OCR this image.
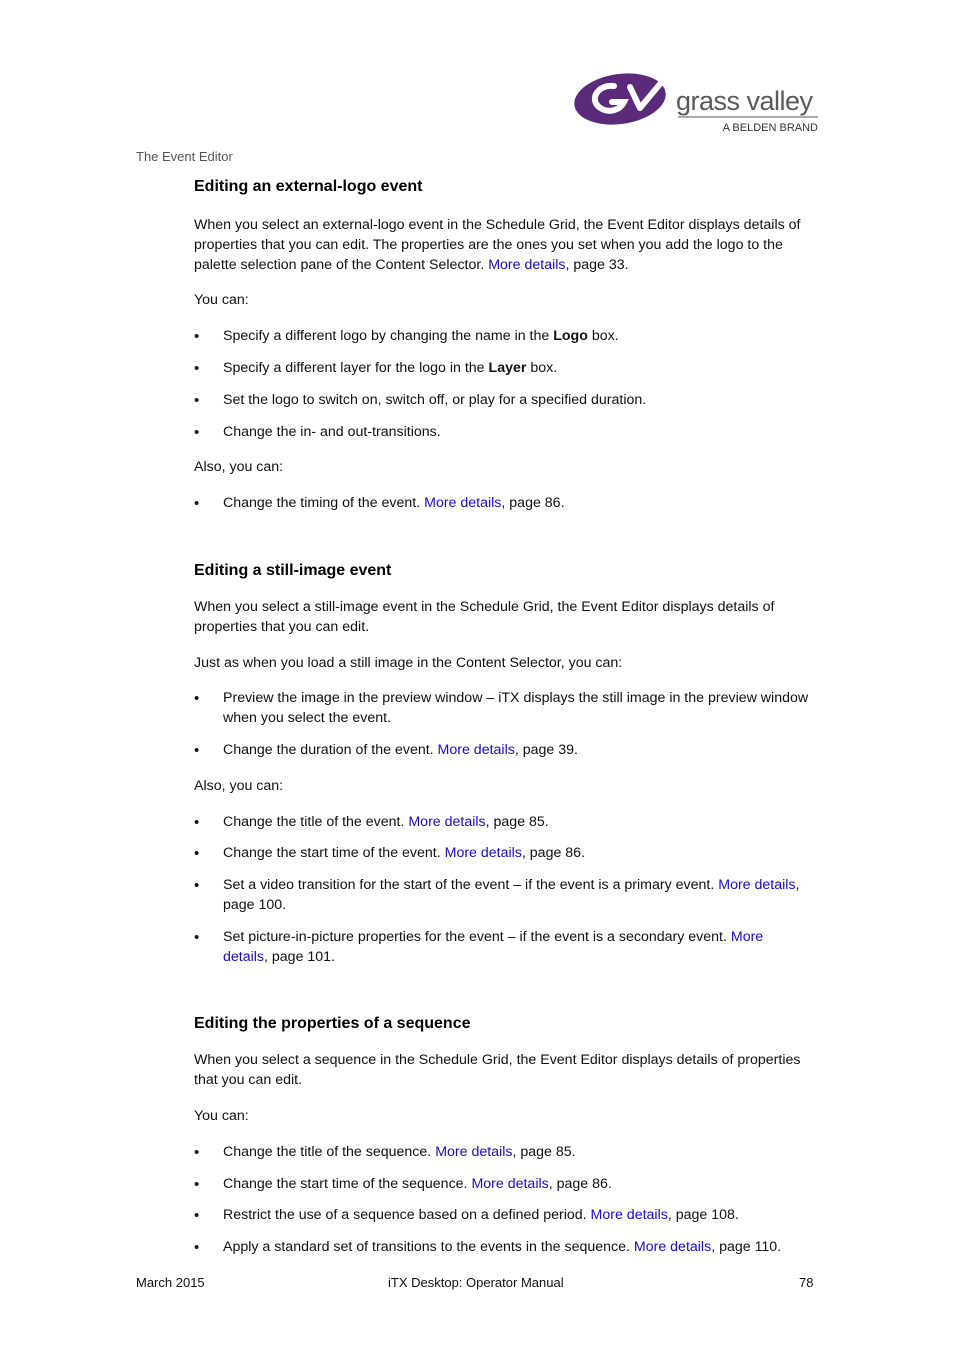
grass valley
A BELDEN BRAND
The Event Editor
Editing an external-logo event

When you select an external-logo event in the Schedule Grid, the Event Editor displays details of properties that you can edit. The properties are the ones you set when you add the logo to the palette selection pane of the Content Selector. More details, page 33.

You can:

• Specify a different logo by changing the name in the Logo box.
• Specify a different layer for the logo in the Layer box.
• Set the logo to switch on, switch off, or play for a specified duration.
• Change the in- and out-transitions.

Also, you can:

• Change the timing of the event. More details, page 86.
Editing a still-image event

When you select a still-image event in the Schedule Grid, the Event Editor displays details of properties that you can edit.

Just as when you load a still image in the Content Selector, you can:

• Preview the image in the preview window – iTX displays the still image in the preview window when you select the event.
• Change the duration of the event. More details, page 39.

Also, you can:

• Change the title of the event. More details, page 85.
• Change the start time of the event. More details, page 86.
• Set a video transition for the start of the event – if the event is a primary event. More details, page 100.
• Set picture-in-picture properties for the event – if the event is a secondary event. More details, page 101.
Editing the properties of a sequence

When you select a sequence in the Schedule Grid, the Event Editor displays details of properties that you can edit.

You can:

• Change the title of the sequence. More details, page 85.
• Change the start time of the sequence. More details, page 86.
• Restrict the use of a sequence based on a defined period. More details, page 108.
• Apply a standard set of transitions to the events in the sequence. More details, page 110.
March 2015	iTX Desktop: Operator Manual	78
